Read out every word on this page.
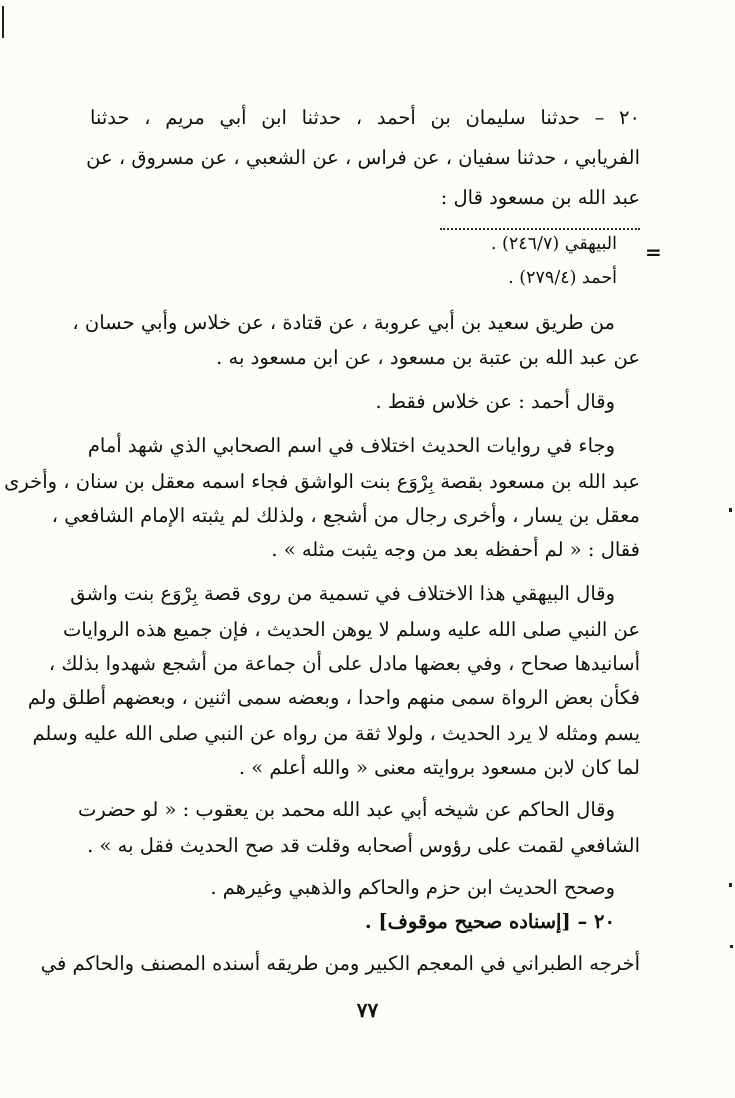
٢٠ – حدثنا سليمان بن أحمد ، حدثنا ابن أبي مريم ، حدثنا
الفريابي ، حدثنا سفيان ، عن فراس ، عن الشعبي ، عن مسروق ، عن
عبد الله بن مسعود قال :
=
البيهقي (٢٤٦/٧) .
أحمد (٢٧٩/٤) .
من طريق سعيد بن أبي عروبة ، عن قتادة ، عن خلاس وأبي حسان ،
عن عبد الله بن عتبة بن مسعود ، عن ابن مسعود به .
وقال أحمد : عن خلاس فقط .
وجاء في روايات الحديث اختلاف في اسم الصحابي الذي شهد أمام
عبد الله بن مسعود بقصة بِرْوَع بنت الواشق فجاء اسمه معقل بن سنان ، وأخرى
معقل بن يسار ، وأخرى رجال من أشجع ، ولذلك لم يثبته الإمام الشافعي ،
فقال : « لم أحفظه بعد من وجه يثبت مثله » .
وقال البيهقي هذا الاختلاف في تسمية من روى قصة بِرْوَع بنت واشق
عن النبي صلى الله عليه وسلم لا يوهن الحديث ، فإن جميع هذه الروايات
أسانيدها صحاح ، وفي بعضها مادل على أن جماعة من أشجع شهدوا بذلك ،
فكأن بعض الرواة سمى منهم واحدا ، وبعضه سمى اثنين ، وبعضهم أطلق ولم
يسم ومثله لا يرد الحديث ، ولولا ثقة من رواه عن النبي صلى الله عليه وسلم
لما كان لابن مسعود بروايته معنى « والله أعلم » .
وقال الحاكم عن شيخه أبي عبد الله محمد بن يعقوب : « لو حضرت
الشافعي لقمت على رؤوس أصحابه وقلت قد صح الحديث فقل به » .
وصحح الحديث ابن حزم والحاكم والذهبي وغيرهم .
٢٠ – [إسناده صحيح موقوف] .
أخرجه الطبراني في المعجم الكبير ومن طريقه أسنده المصنف والحاكم في
٧٧
